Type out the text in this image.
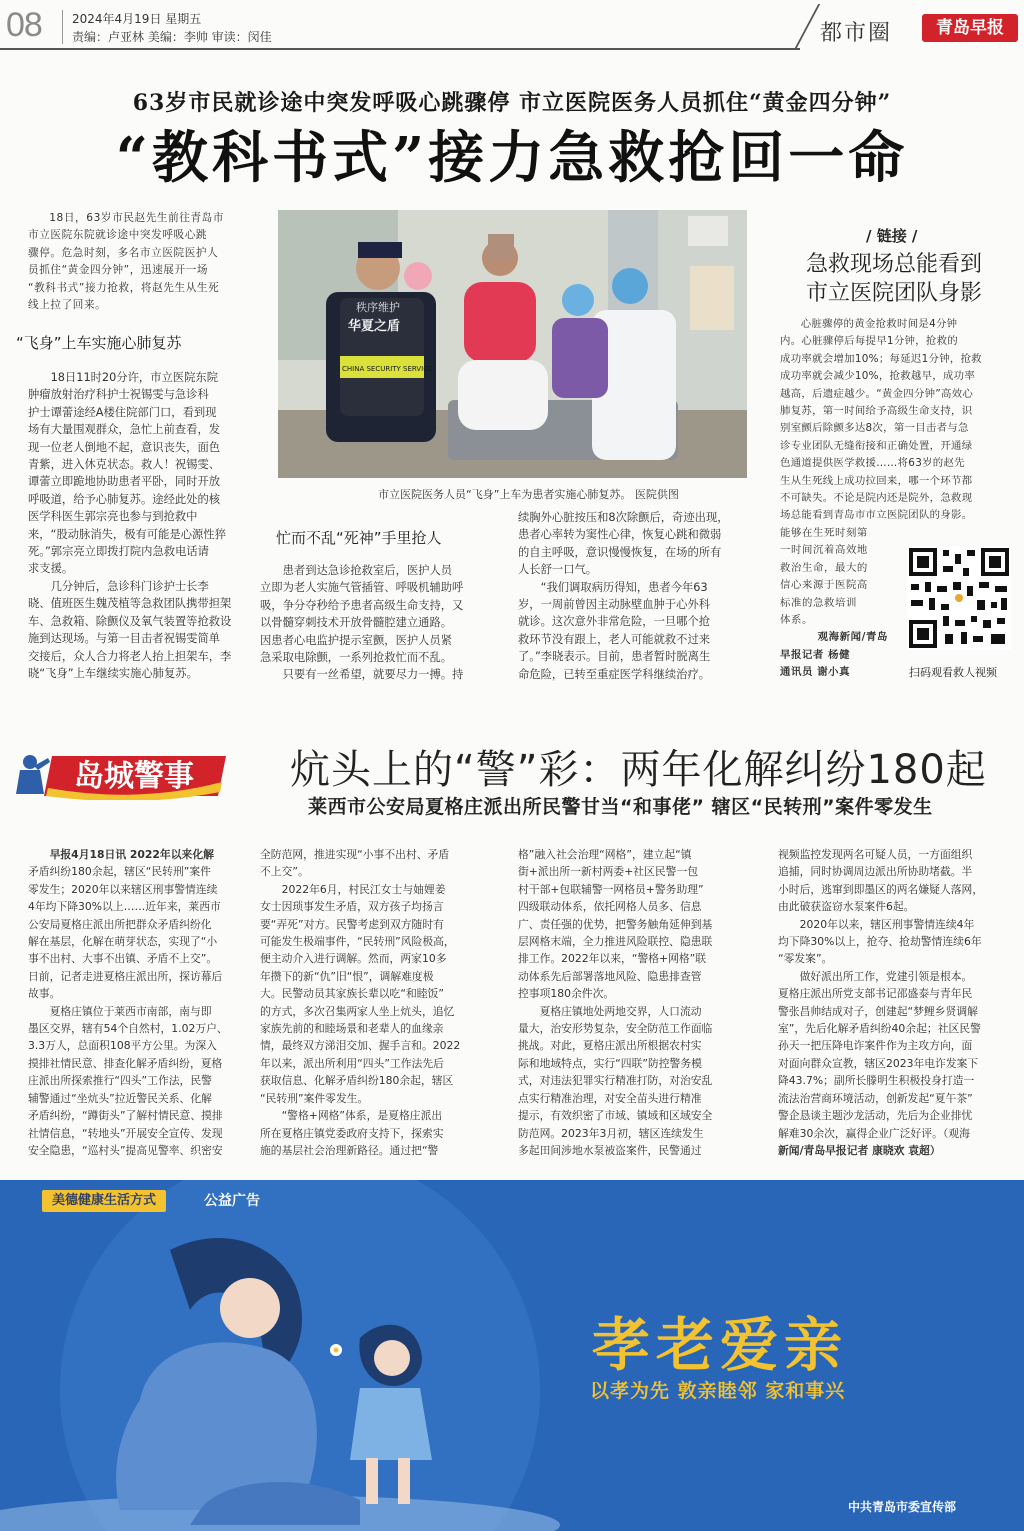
08	2024年4月19日 星期五
责编：卢亚林 美编：李帅 审读：闵佳	都市圈	青岛早报
63岁市民就诊途中突发呼吸心跳骤停 市立医院医务人员抓住“黄金四分钟”
“教科书式”接力急救抢回一命
18日，63岁市民赵先生前往青岛市
市立医院东院就诊途中突发呼吸心跳
骤停。危急时刻，多名市立医院医护人
员抓住“黄金四分钟”，迅速展开一场
“教科书式”接力抢救，将赵先生从生死
线上拉了回来。
“飞身”上车实施心肺复苏
18日11时20分许，市立医院东院
肿瘤放射治疗科护士祝锡雯与急诊科
护士谭蕾途经A楼住院部门口，看到现
场有大量围观群众，急忙上前查看，发
现一位老人倒地不起，意识丧失，面色
青紫，进入休克状态。救人！祝锡雯、
谭蕾立即跪地协助患者平卧，同时开放
呼吸道，给予心肺复苏。途经此处的核
医学科医生郭宗亮也参与到抢救中
来，“股动脉消失，极有可能是心源性猝
死。”郭宗亮立即拨打院内急救电话请
求支援。
几分钟后，急诊科门诊护士长李
晓、值班医生魏茂植等急救团队携带担架
车、急救箱、除颤仪及氧气装置等抢救设
施到达现场。与第一目击者祝锡雯简单
交接后，众人合力将老人抬上担架车，李
晓“飞身”上车继续实施心肺复苏。
秩序维护
华夏之盾
CHINA SECURITY SERVICE
市立医院医务人员“飞身”上车为患者实施心肺复苏。 医院供图
忙而不乱“死神”手里抢人
患者到达急诊抢救室后，医护人员
立即为老人实施气管插管、呼吸机辅助呼
吸，争分夺秒给予患者高级生命支持，又
以骨髓穿刺技术开放骨髓腔建立通路。
因患者心电监护提示室颤，医护人员紧
急采取电除颤，一系列抢救忙而不乱。
只要有一丝希望，就要尽力一搏。持
续胸外心脏按压和8次除颤后，奇迹出现，
患者心率转为窦性心律，恢复心跳和微弱
的自主呼吸，意识慢慢恢复，在场的所有
人长舒一口气。
“我们调取病历得知，患者今年63
岁，一周前曾因主动脉壁血肿于心外科
就诊。这次意外非常危险，一旦哪个抢
救环节没有跟上，老人可能就救不过来
了。”李晓表示。目前，患者暂时脱离生
命危险，已转至重症医学科继续治疗。
/ 链接 /
急救现场总能看到
市立医院团队身影
心脏骤停的黄金抢救时间是4分钟
内。心脏骤停后每提早1分钟，抢救的
成功率就会增加10%；每延迟1分钟，抢救
成功率就会减少10%，抢救越早，成功率
越高，后遗症越少。“黄金四分钟”高效心
肺复苏，第一时间给予高级生命支持，识
别室颤后除颤多达8次，第一目击者与急
诊专业团队无缝衔接和正确处置，开通绿
色通道提供医学救援……将63岁的赵先
生从生死线上成功拉回来，哪一个环节都
不可缺失。不论是院内还是院外，急救现
场总能看到青岛市市立医院团队的身影。
能够在生死时刻第
一时间沉着高效地
救治生命，最大的
信心来源于医院高
标准的急救培训
体系。
观海新闻/青岛
早报记者 杨健
通讯员 谢小真	扫码观看救人视频
岛城警事 炕头上的“警”彩：两年化解纠纷180起
莱西市公安局夏格庄派出所民警甘当“和事佬” 辖区“民转刑”案件零发生
早报4月18日讯 2022年以来化解
矛盾纠纷180余起，辖区“民转刑”案件
零发生；2020年以来辖区刑事警情连续
4年均下降30%以上……近年来，莱西市
公安局夏格庄派出所把群众矛盾纠纷化
解在基层，化解在萌芽状态，实现了“小
事不出村、大事不出镇、矛盾不上交”。
日前，记者走进夏格庄派出所，探访幕后
故事。
夏格庄镇位于莱西市南部，南与即
墨区交界，辖有54个自然村，1.02万户、
3.3万人，总面积108平方公里。为深入
摸排社情民意、排查化解矛盾纠纷，夏格
庄派出所探索推行“四头”工作法，民警
辅警通过“坐炕头”拉近警民关系、化解
矛盾纠纷，“蹲街头”了解村情民意、摸排
社情信息，“转地头”开展安全宣传、发现
安全隐患，“巡村头”提高见警率、织密安
全防范网，推进实现“小事不出村、矛盾
不上交”。
2022年6月，村民江女士与妯娌姜
女士因琐事发生矛盾，双方孩子均扬言
要“弄死”对方。民警考虑到双方随时有
可能发生极端事件，“民转刑”风险极高，
便主动介入进行调解。然而，两家10多
年攒下的新“仇”旧“恨”，调解难度极
大。民警动员其家族长辈以吃“和睦饭”
的方式，多次召集两家人坐上炕头，追忆
家族先前的和睦场景和老辈人的血缘亲
情，最终双方涕泪交加、握手言和。2022
年以来，派出所利用“四头”工作法先后
获取信息、化解矛盾纠纷180余起，辖区
“民转刑”案件零发生。
“警格+网格”体系，是夏格庄派出
所在夏格庄镇党委政府支持下，探索实
施的基层社会治理新路径。通过把“警
格”融入社会治理“网格”，建立起“镇
街+派出所一新村两委+社区民警一包
村干部+包联辅警一网格员+警务助理”
四级联动体系，依托网格人员多、信息
广、责任强的优势，把警务触角延伸到基
层网格末端，全力推进风险联控、隐患联
排工作。2022年以来，“警格+网格”联
动体系先后部署落地风险、隐患排查管
控事项180余件次。
夏格庄镇地处两地交界，人口流动
量大，治安形势复杂，安全防范工作面临
挑战。对此，夏格庄派出所根据农村实
际和地域特点，实行“四联”防控警务模
式，对违法犯罪实行精准打防，对治安乱
点实行精准治理，对安全苗头进行精准
提示，有效织密了市域、镇域和区域安全
防范网。2023年3月初，辖区连续发生
多起田间涉地水泵被盗案件，民警通过
视频监控发现两名可疑人员，一方面组织
追捕，同时协调周边派出所协助堵截。半
小时后，逃窜到即墨区的两名嫌疑人落网，
由此破获盗窃水泵案件6起。
2020年以来，辖区刑事警情连续4年
均下降30%以上，抢夺、抢劫警情连续6年
“零发案”。
做好派出所工作，党建引领是根本。
夏格庄派出所党支部书记邵盛泰与青年民
警张昌帅结成对子，创建起“梦鲤乡贤调解
室”，先后化解矛盾纠纷40余起；社区民警
孙天一把压降电诈案件作为主攻方向，面
对面向群众宣教，辖区2023年电诈发案下
降43.7%；副所长滕明生积极投身打造一
流法治营商环境活动，创新发起“夏午茶”
警企恳谈主题沙龙活动，先后为企业排忧
解难30余次，赢得企业广泛好评。（观海
新闻/青岛早报记者 康晓欢 袁超）
美德健康生活方式	公益广告
孝老爱亲
以孝为先 敦亲睦邻 家和事兴
中共青岛市委宣传部
